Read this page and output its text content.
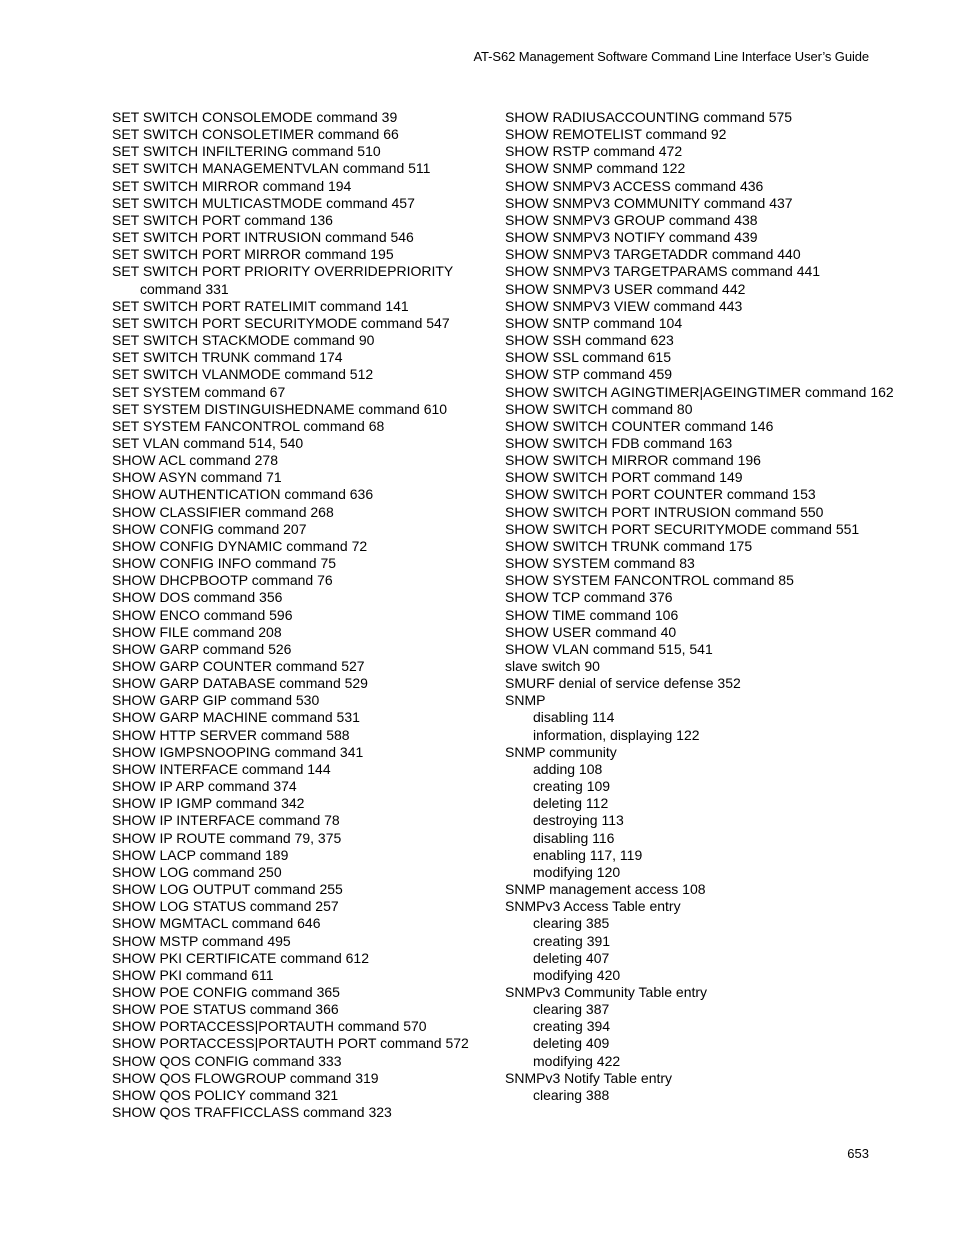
AT-S62 Management Software Command Line Interface User’s Guide
SET SWITCH CONSOLEMODE command 39
SET SWITCH CONSOLETIMER command 66
SET SWITCH INFILTERING command 510
SET SWITCH MANAGEMENTVLAN command 511
SET SWITCH MIRROR command 194
SET SWITCH MULTICASTMODE command 457
SET SWITCH PORT command 136
SET SWITCH PORT INTRUSION command 546
SET SWITCH PORT MIRROR command 195
SET SWITCH PORT PRIORITY OVERRIDEPRIORITY command 331
SET SWITCH PORT RATELIMIT command 141
SET SWITCH PORT SECURITYMODE command 547
SET SWITCH STACKMODE command 90
SET SWITCH TRUNK command 174
SET SWITCH VLANMODE command 512
SET SYSTEM command 67
SET SYSTEM DISTINGUISHEDNAME command 610
SET SYSTEM FANCONTROL command 68
SET VLAN command 514, 540
SHOW ACL command 278
SHOW ASYN command 71
SHOW AUTHENTICATION command 636
SHOW CLASSIFIER command 268
SHOW CONFIG command 207
SHOW CONFIG DYNAMIC command 72
SHOW CONFIG INFO command 75
SHOW DHCPBOOTP command 76
SHOW DOS command 356
SHOW ENCO command 596
SHOW FILE command 208
SHOW GARP command 526
SHOW GARP COUNTER command 527
SHOW GARP DATABASE command 529
SHOW GARP GIP command 530
SHOW GARP MACHINE command 531
SHOW HTTP SERVER command 588
SHOW IGMPSNOOPING command 341
SHOW INTERFACE command 144
SHOW IP ARP command 374
SHOW IP IGMP command 342
SHOW IP INTERFACE command 78
SHOW IP ROUTE command 79, 375
SHOW LACP command 189
SHOW LOG command 250
SHOW LOG OUTPUT command 255
SHOW LOG STATUS command 257
SHOW MGMTACL command 646
SHOW MSTP command 495
SHOW PKI CERTIFICATE command 612
SHOW PKI command 611
SHOW POE CONFIG command 365
SHOW POE STATUS command 366
SHOW PORTACCESS|PORTAUTH command 570
SHOW PORTACCESS|PORTAUTH PORT command 572
SHOW QOS CONFIG command 333
SHOW QOS FLOWGROUP command 319
SHOW QOS POLICY command 321
SHOW QOS TRAFFICCLASS command 323
SHOW RADIUSACCOUNTING command 575
SHOW REMOTELIST command 92
SHOW RSTP command 472
SHOW SNMP command 122
SHOW SNMPV3 ACCESS command 436
SHOW SNMPV3 COMMUNITY command 437
SHOW SNMPV3 GROUP command 438
SHOW SNMPV3 NOTIFY command 439
SHOW SNMPV3 TARGETADDR command 440
SHOW SNMPV3 TARGETPARAMS command 441
SHOW SNMPV3 USER command 442
SHOW SNMPV3 VIEW command 443
SHOW SNTP command 104
SHOW SSH command 623
SHOW SSL command 615
SHOW STP command 459
SHOW SWITCH AGINGTIMER|AGEINGTIMER command 162
SHOW SWITCH command 80
SHOW SWITCH COUNTER command 146
SHOW SWITCH FDB command 163
SHOW SWITCH MIRROR command 196
SHOW SWITCH PORT command 149
SHOW SWITCH PORT COUNTER command 153
SHOW SWITCH PORT INTRUSION command 550
SHOW SWITCH PORT SECURITYMODE command 551
SHOW SWITCH TRUNK command 175
SHOW SYSTEM command 83
SHOW SYSTEM FANCONTROL command 85
SHOW TCP command 376
SHOW TIME command 106
SHOW USER command 40
SHOW VLAN command 515, 541
slave switch 90
SMURF denial of service defense 352
SNMP
disabling 114
information, displaying 122
SNMP community
adding 108
creating 109
deleting 112
destroying 113
disabling 116
enabling 117, 119
modifying 120
SNMP management access 108
SNMPv3 Access Table entry
clearing 385
creating 391
deleting 407
modifying 420
SNMPv3 Community Table entry
clearing 387
creating 394
deleting 409
modifying 422
SNMPv3 Notify Table entry
clearing 388
653
